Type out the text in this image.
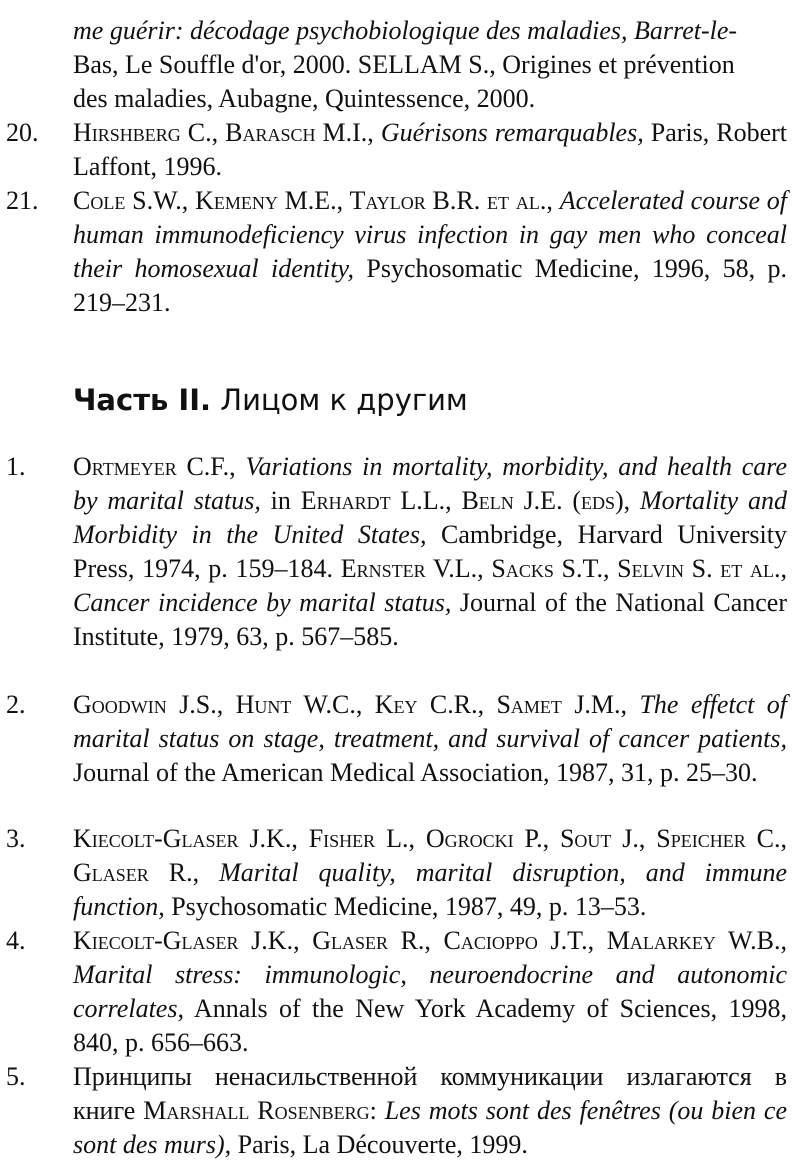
me guérir: décodage psychobiologique des maladies, Barret-le-
Bas, Le Souffle d'or, 2000. SELLAM S., Origines et prévention
des maladies, Aubagne, Quintessence, 2000.
20. Hirshberg C., Barasch M.I., Guérisons remarquables, Paris, Robert Laffont, 1996.
21. Cole S.W., Kemeny M.E., Taylor B.R. et al., Accelerated course of human immunodeficiency virus infection in gay men who conceal their homosexual identity, Psychosomatic Medicine, 1996, 58, p. 219–231.
Часть II. Лицом к другим
1. Ortmeyer C.F., Variations in mortality, morbidity, and health care by marital status, in Erhardt L.L., Beln J.E. (eds), Mortality and Morbidity in the United States, Cambridge, Harvard University Press, 1974, p. 159–184. Ernster V.L., Sacks S.T., Selvin S. et al., Cancer incidence by marital status, Journal of the National Cancer Institute, 1979, 63, p. 567–585.
2. Goodwin J.S., Hunt W.C., Key C.R., Samet J.M., The effetct of marital status on stage, treatment, and survival of cancer patients, Journal of the American Medical Association, 1987, 31, p. 25–30.
3. Kiecolt-Glaser J.K., Fisher L., Ogrocki P., Sout J., Speicher C., Glaser R., Marital quality, marital disruption, and immune function, Psychosomatic Medicine, 1987, 49, p. 13–53.
4. Kiecolt-Glaser J.K., Glaser R., Cacioppo J.T., Malarkey W.B., Marital stress: immunologic, neuroendocrine and autonomic correlates, Annals of the New York Academy of Sciences, 1998, 840, p. 656–663.
5. Принципы ненасильственной коммуникации излагаются в книге Marshall Rosenberg: Les mots sont des fenêtres (ou bien ce sont des murs), Paris, La Découverte, 1999.
